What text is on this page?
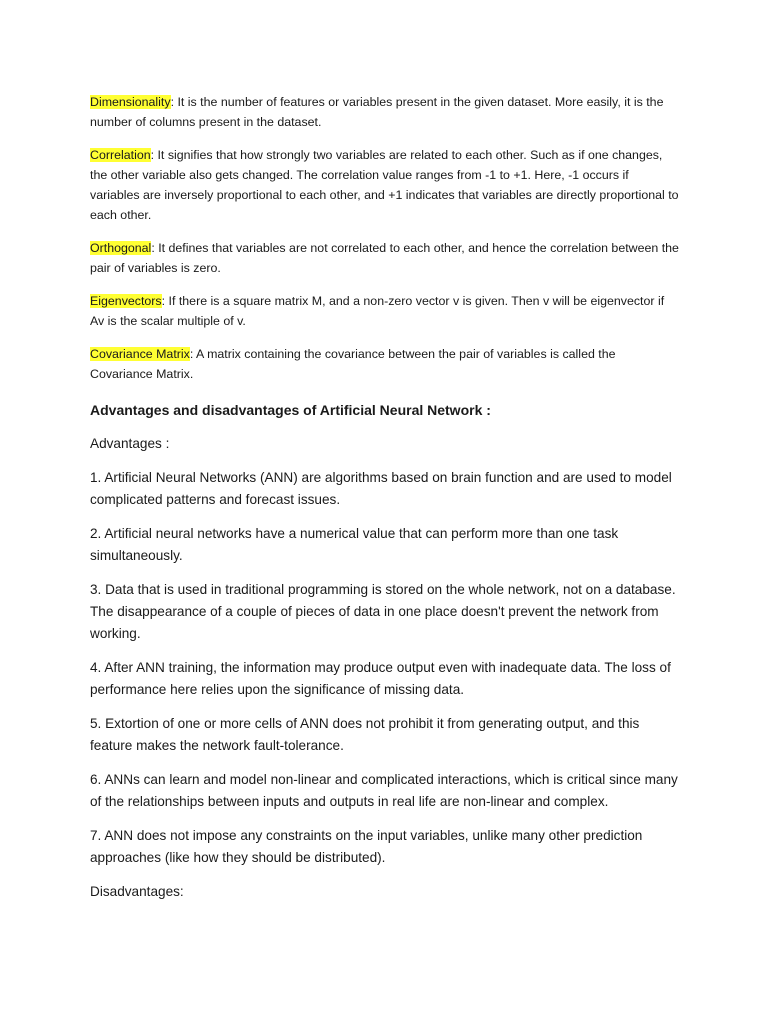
Dimensionality: It is the number of features or variables present in the given dataset. More easily, it is the number of columns present in the dataset.

Correlation: It signifies that how strongly two variables are related to each other. Such as if one changes, the other variable also gets changed. The correlation value ranges from -1 to +1. Here, -1 occurs if variables are inversely proportional to each other, and +1 indicates that variables are directly proportional to each other.

Orthogonal: It defines that variables are not correlated to each other, and hence the correlation between the pair of variables is zero.

Eigenvectors: If there is a square matrix M, and a non-zero vector v is given. Then v will be eigenvector if Av is the scalar multiple of v.

Covariance Matrix: A matrix containing the covariance between the pair of variables is called the Covariance Matrix.

Advantages and disadvantages of Artificial Neural Network :

Advantages :

1. Artificial Neural Networks (ANN) are algorithms based on brain function and are used to model complicated patterns and forecast issues.

2. Artificial neural networks have a numerical value that can perform more than one task simultaneously.

3. Data that is used in traditional programming is stored on the whole network, not on a database. The disappearance of a couple of pieces of data in one place doesn't prevent the network from working.

4. After ANN training, the information may produce output even with inadequate data. The loss of performance here relies upon the significance of missing data.

5. Extortion of one or more cells of ANN does not prohibit it from generating output, and this feature makes the network fault-tolerance.

6. ANNs can learn and model non-linear and complicated interactions, which is critical since many of the relationships between inputs and outputs in real life are non-linear and complex.

7. ANN does not impose any constraints on the input variables, unlike many other prediction approaches (like how they should be distributed).

Disadvantages:
